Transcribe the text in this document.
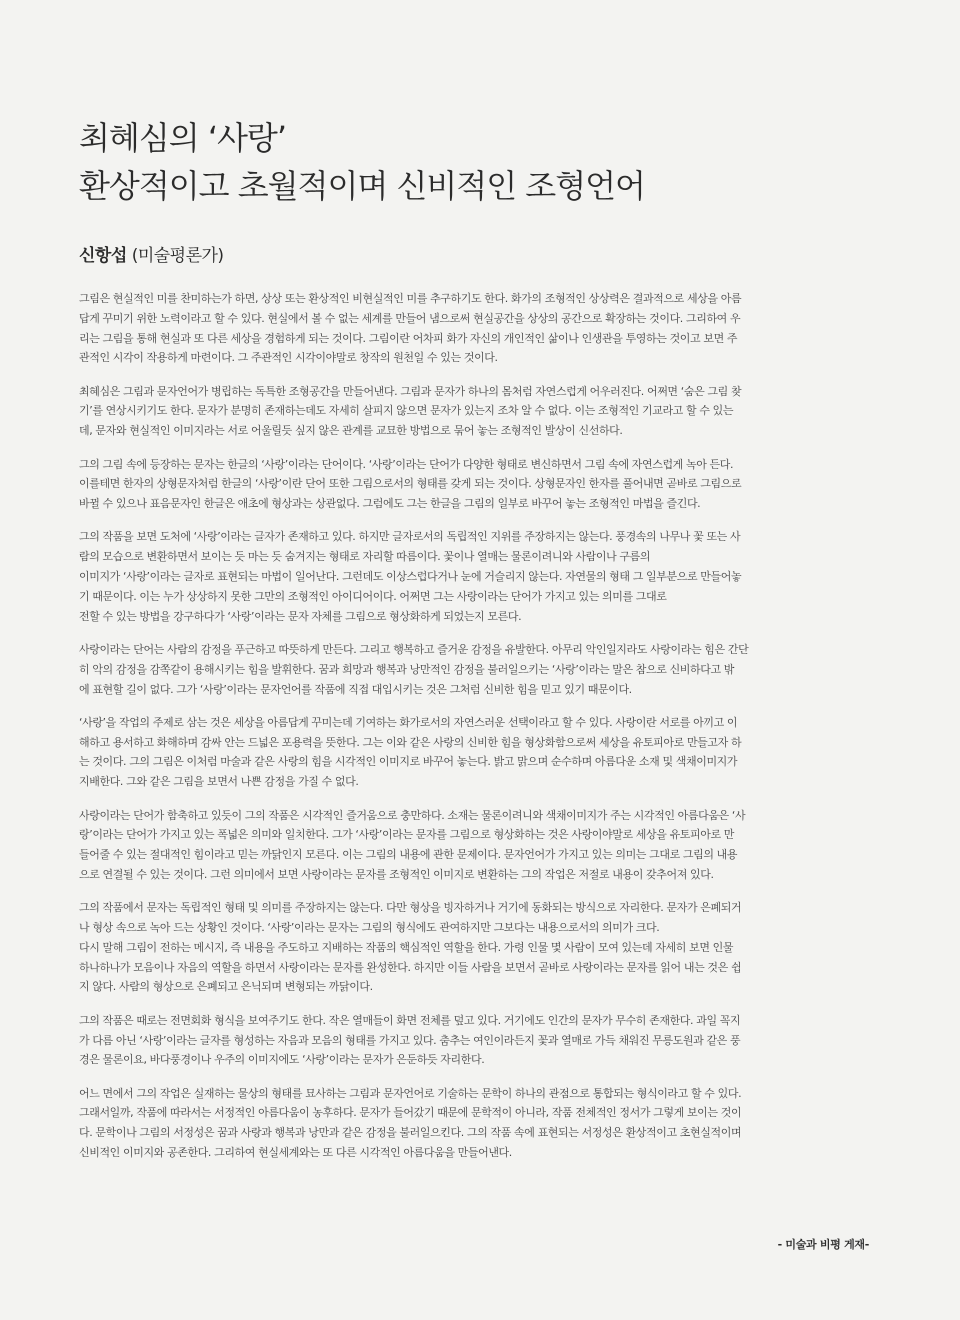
최혜심의 ‘사랑’
환상적이고 초월적이며 신비적인 조형언어
신항섭 (미술평론가)

그림은 현실적인 미를 찬미하는가 하면, 상상 또는 환상적인 비현실적인 미를 추구하기도 한다. 화가의 조형적인 상상력은 결과적으로 세상을 아름
답게 꾸미기 위한 노력이라고 할 수 있다. 현실에서 볼 수 없는 세계를 만들어 냄으로써 현실공간을 상상의 공간으로 확장하는 것이다. 그리하여 우
리는 그림을 통해 현실과 또 다른 세상을 경험하게 되는 것이다. 그림이란 어차피 화가 자신의 개인적인 삶이나 인생관을 투영하는 것이고 보면 주
관적인 시각이 작용하게 마련이다. 그 주관적인 시각이야말로 창작의 원천일 수 있는 것이다.

최혜심은 그림과 문자언어가 병립하는 독특한 조형공간을 만들어낸다. 그림과 문자가 하나의 몸처럼 자연스럽게 어우러진다. 어쩌면 ‘숨은 그림 찾
기’를 연상시키기도 한다. 문자가 분명히 존재하는데도 자세히 살피지 않으면 문자가 있는지 조차 알 수 없다. 이는 조형적인 기교라고 할 수 있는
데, 문자와 현실적인 이미지라는 서로 어울릴듯 싶지 않은 관계를 교묘한 방법으로 묶어 놓는 조형적인 발상이 신선하다.

그의 그림 속에 등장하는 문자는 한글의 ‘사랑’이라는 단어이다. ‘사랑’이라는 단어가 다양한 형태로 변신하면서 그림 속에 자연스럽게 녹아 든다.
이를테면 한자의 상형문자처럼 한글의 ‘사랑’이란 단어 또한 그림으로서의 형태를 갖게 되는 것이다. 상형문자인 한자를 풀어내면 곧바로 그림으로
바뀔 수 있으나 표음문자인 한글은 애초에 형상과는 상관없다. 그럼에도 그는 한글을 그림의 일부로 바꾸어 놓는 조형적인 마법을 즐긴다.

그의 작품을 보면 도처에 ‘사랑’이라는 글자가 존재하고 있다. 하지만 글자로서의 독립적인 지위를 주장하지는 않는다. 풍경속의 나무나 꽃 또는 사
람의 모습으로 변환하면서 보이는 듯 마는 듯 숨겨지는 형태로 자리할 따름이다. 꽃이나 열매는 물론이려니와 사람이나 구름의
이미지가 ‘사랑’이라는 글자로 표현되는 마법이 일어난다. 그런데도 이상스럽다거나 눈에 거슬리지 않는다. 자연물의 형태 그 일부분으로 만들어놓
기 때문이다. 이는 누가 상상하지 못한 그만의 조형적인 아이디어이다. 어쩌면 그는 사랑이라는 단어가 가지고 있는 의미를 그대로
전할 수 있는 방법을 강구하다가 ‘사랑’이라는 문자 자체를 그림으로 형상화하게 되었는지 모른다.

사랑이라는 단어는 사람의 감정을 푸근하고 따뜻하게 만든다. 그리고 행복하고 즐거운 감정을 유발한다. 아무리 악인일지라도 사랑이라는 힘은 간단
히 악의 감정을 감쪽같이 용해시키는 힘을 발휘한다. 꿈과 희망과 행복과 낭만적인 감정을 불러일으키는 ‘사랑’이라는 말은 참으로 신비하다고 밖
에 표현할 길이 없다. 그가 ‘사랑’이라는 문자언어를 작품에 직접 대입시키는 것은 그처럼 신비한 힘을 믿고 있기 때문이다.

‘사랑’을 작업의 주제로 삼는 것은 세상을 아름답게 꾸미는데 기여하는 화가로서의 자연스러운 선택이라고 할 수 있다. 사랑이란 서로를 아끼고 이
해하고 용서하고 화해하며 감싸 안는 드넓은 포용력을 뜻한다. 그는 이와 같은 사랑의 신비한 힘을 형상화함으로써 세상을 유토피아로 만들고자 하
는 것이다. 그의 그림은 이처럼 마술과 같은 사랑의 힘을 시각적인 이미지로 바꾸어 놓는다. 밝고 맑으며 순수하며 아름다운 소재 및 색채이미지가
지배한다. 그와 같은 그림을 보면서 나쁜 감정을 가질 수 없다.

사랑이라는 단어가 함축하고 있듯이 그의 작품은 시각적인 즐거움으로 충만하다. 소재는 물론이려니와 색채이미지가 주는 시각적인 아름다움은 ‘사
랑’이라는 단어가 가지고 있는 폭넓은 의미와 일치한다. 그가 ‘사랑’이라는 문자를 그림으로 형상화하는 것은 사랑이야말로 세상을 유토피아로 만
들어줄 수 있는 절대적인 힘이라고 믿는 까닭인지 모른다. 이는 그림의 내용에 관한 문제이다. 문자언어가 가지고 있는 의미는 그대로 그림의 내용
으로 연결될 수 있는 것이다. 그런 의미에서 보면 사랑이라는 문자를 조형적인 이미지로 변환하는 그의 작업은 저절로 내용이 갖추어져 있다.

그의 작품에서 문자는 독립적인 형태 및 의미를 주장하지는 않는다. 다만 형상을 빙자하거나 거기에 동화되는 방식으로 자리한다. 문자가 은폐되거
나 형상 속으로 녹아 드는 상황인 것이다. ‘사랑’이라는 문자는 그림의 형식에도 관여하지만 그보다는 내용으로서의 의미가 크다.
다시 말해 그림이 전하는 메시지, 즉 내용을 주도하고 지배하는 작품의 핵심적인 역할을 한다. 가령 인물 몇 사람이 모여 있는데 자세히 보면 인물
하나하나가 모음이나 자음의 역할을 하면서 사랑이라는 문자를 완성한다. 하지만 이들 사람을 보면서 곧바로 사랑이라는 문자를 읽어 내는 것은 쉽
지 않다. 사람의 형상으로 은폐되고 은닉되며 변형되는 까닭이다.

그의 작품은 때로는 전면회화 형식을 보여주기도 한다. 작은 열매들이 화면 전체를 덮고 있다. 거기에도 인간의 문자가 무수히 존재한다. 과일 꼭지
가 다름 아닌 ‘사랑’이라는 글자를 형성하는 자음과 모음의 형태를 가지고 있다. 춤추는 여인이라든지 꽃과 열매로 가득 채워진 무릉도원과 같은 풍
경은 물론이요, 바다풍경이나 우주의 이미지에도 ‘사랑’이라는 문자가 은둔하듯 자리한다.

어느 면에서 그의 작업은 실재하는 물상의 형태를 묘사하는 그림과 문자언어로 기술하는 문학이 하나의 관점으로 통합되는 형식이라고 할 수 있다.
그래서일까, 작품에 따라서는 서정적인 아름다움이 농후하다. 문자가 들어갔기 때문에 문학적이 아니라, 작품 전체적인 정서가 그렇게 보이는 것이
다. 문학이나 그림의 서정성은 꿈과 사랑과 행복과 낭만과 같은 감정을 불러일으킨다. 그의 작품 속에 표현되는 서정성은 환상적이고 초현실적이며
신비적인 이미지와 공존한다. 그리하여 현실세계와는 또 다른 시각적인 아름다움을 만들어낸다.

- 미술과 비평 게재-
